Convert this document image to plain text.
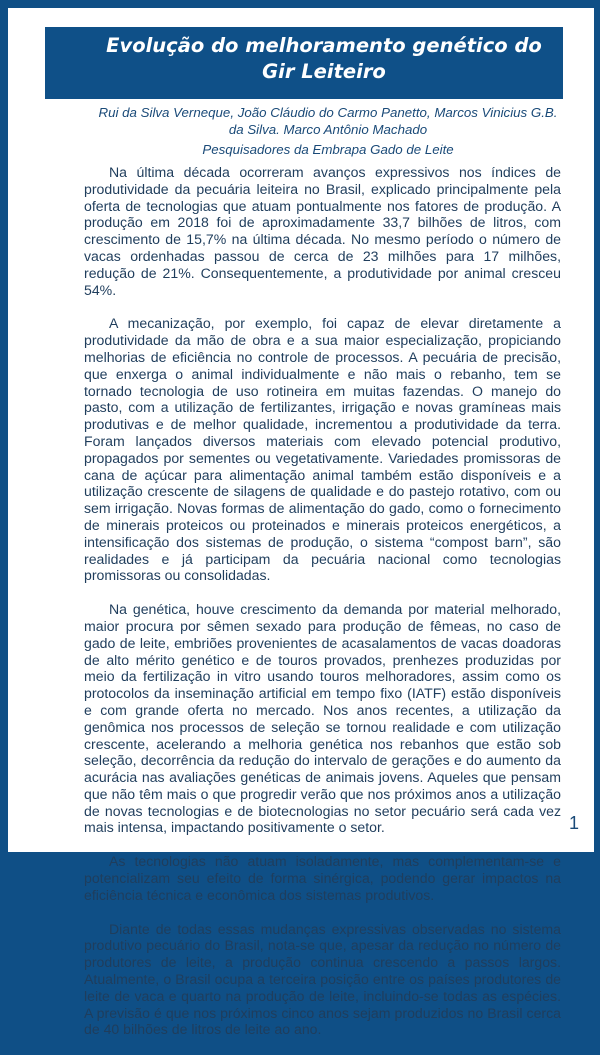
Evolução do melhoramento genético do Gir Leiteiro

Rui da Silva Verneque, João Cláudio do Carmo Panetto, Marcos Vinicius G.B. da Silva. Marco Antônio Machado

Pesquisadores da Embrapa Gado de Leite

Na última década ocorreram avanços expressivos nos índices de produtividade da pecuária leiteira no Brasil, explicado principalmente pela oferta de tecnologias que atuam pontualmente nos fatores de produção. A produção em 2018 foi de aproximadamente 33,7 bilhões de litros, com crescimento de 15,7% na última década. No mesmo período o número de vacas ordenhadas passou de cerca de 23 milhões para 17 milhões, redução de 21%. Consequentemente, a produtividade por animal cresceu 54%.

A mecanização, por exemplo, foi capaz de elevar diretamente a produtividade da mão de obra e a sua maior especialização, propiciando melhorias de eficiência no controle de processos. A pecuária de precisão, que enxerga o animal individualmente e não mais o rebanho, tem se tornado tecnologia de uso rotineira em muitas fazendas. O manejo do pasto, com a utilização de fertilizantes, irrigação e novas gramíneas mais produtivas e de melhor qualidade, incrementou a produtividade da terra. Foram lançados diversos materiais com elevado potencial produtivo, propagados por sementes ou vegetativamente. Variedades promissoras de cana de açúcar para alimentação animal também estão disponíveis e a utilização crescente de silagens de qualidade e do pastejo rotativo, com ou sem irrigação. Novas formas de alimentação do gado, como o fornecimento de minerais proteicos ou proteinados e minerais proteicos energéticos, a intensificação dos sistemas de produção, o sistema “compost barn”, são realidades e já participam da pecuária nacional como tecnologias promissoras ou consolidadas.

Na genética, houve crescimento da demanda por material melhorado, maior procura por sêmen sexado para produção de fêmeas, no caso de gado de leite, embriões provenientes de acasalamentos de vacas doadoras de alto mérito genético e de touros provados, prenhezes produzidas por meio da fertilização in vitro usando touros melhoradores, assim como os protocolos da inseminação artificial em tempo fixo (IATF) estão disponíveis e com grande oferta no mercado. Nos anos recentes, a utilização da genômica nos processos de seleção se tornou realidade e com utilização crescente, acelerando a melhoria genética nos rebanhos que estão sob seleção, decorrência da redução do intervalo de gerações e do aumento da acurácia nas avaliações genéticas de animais jovens. Aqueles que pensam que não têm mais o que progredir verão que nos próximos anos a utilização de novas tecnologias e de biotecnologias no setor pecuário será cada vez mais intensa, impactando positivamente o setor.

As tecnologias não atuam isoladamente, mas complementam-se e potencializam seu efeito de forma sinérgica, podendo gerar impactos na eficiência técnica e econômica dos sistemas produtivos.

Diante de todas essas mudanças expressivas observadas no sistema produtivo pecuário do Brasil, nota-se que, apesar da redução no número de produtores de leite, a produção continua crescendo a passos largos. Atualmente, o Brasil ocupa a terceira posição entre os países produtores de leite de vaca e quarto na produção de leite, incluindo-se todas as espécies. A previsão é que nos próximos cinco anos sejam produzidos no Brasil cerca de 40 bilhões de litros de leite ao ano.

1
